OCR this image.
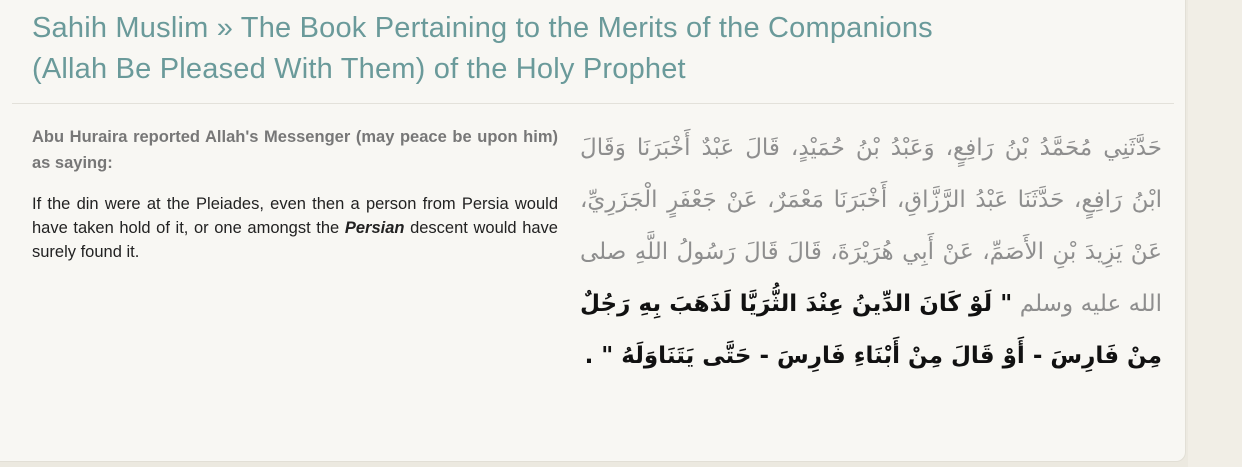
Sahih Muslim » The Book Pertaining to the Merits of the Companions
(Allah Be Pleased With Them) of the Holy Prophet

Abu Huraira reported Allah's Messenger (may peace be upon him) as saying:

If the din were at the Pleiades, even then a person from Persia would have taken hold of it, or one amongst the Persian descent would have surely found it.

حَدَّثَنِي مُحَمَّدُ بْنُ رَافِعٍ، وَعَبْدُ بْنُ حُمَيْدٍ، قَالَ عَبْدٌ أَخْبَرَنَا وَقَالَ ابْنُ رَافِعٍ، حَدَّثَنَا عَبْدُ الرَّزَّاقِ، أَخْبَرَنَا مَعْمَرٌ، عَنْ جَعْفَرٍ الْجَزَرِيِّ، عَنْ يَزِيدَ بْنِ الأَصَمِّ، عَنْ أَبِي هُرَيْرَةَ، قَالَ قَالَ رَسُولُ اللَّهِ صلى الله عليه وسلم " لَوْ كَانَ الدِّينُ عِنْدَ الثُّرَيَّا لَذَهَبَ بِهِ رَجُلٌ مِنْ فَارِسَ - أَوْ قَالَ مِنْ أَبْنَاءِ فَارِسَ - حَتَّى يَتَنَاوَلَهُ " .
